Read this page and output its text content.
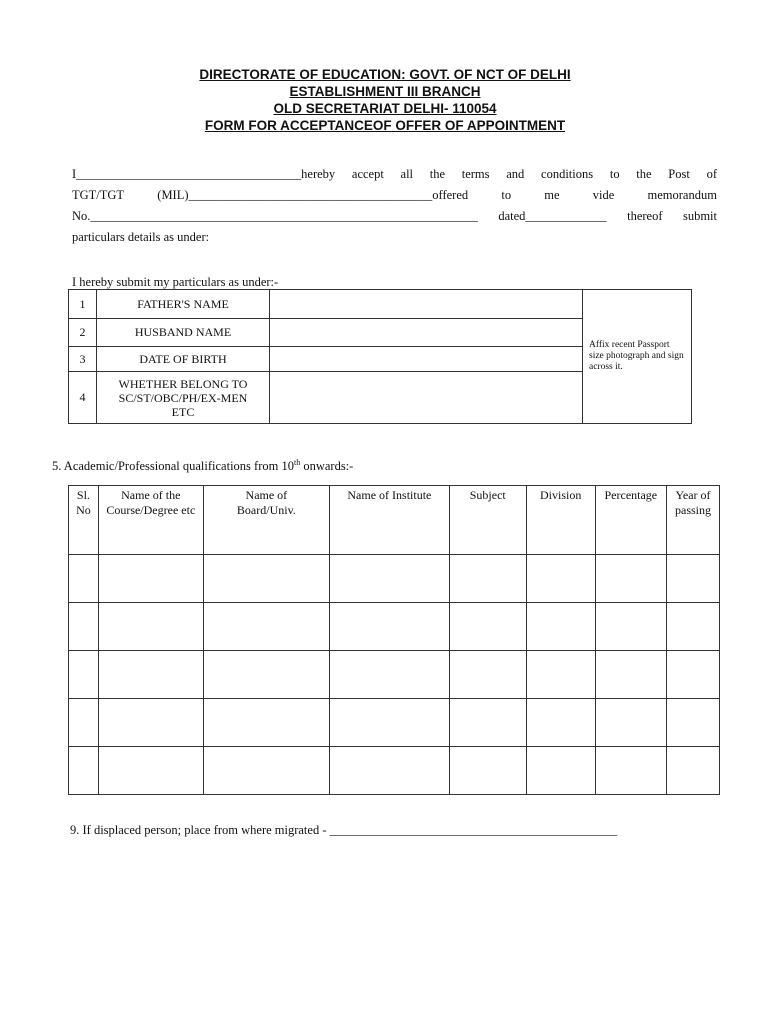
DIRECTORATE OF EDUCATION: GOVT. OF NCT OF DELHI
ESTABLISHMENT III BRANCH
OLD SECRETARIAT DELHI- 110054
FORM FOR ACCEPTANCEOF OFFER OF APPOINTMENT
I____________________________________hereby accept all the terms and conditions to the Post of
TGT/TGT	(MIL)_______________________________________offered	to	me	vide	memorandum
No.______________________________________________________________ dated_____________ thereof submit
particulars details as under:
I hereby submit my particulars as under:-
1	FATHER'S NAME		Affix recent Passport size photograph and sign across it.
2	HUSBAND NAME		
3	DATE OF BIRTH		
4	WHETHER BELONG TO SC/ST/OBC/PH/EX-MEN ETC		
5. Academic/Professional qualifications from 10th onwards:-
Sl. No	Name of the Course/Degree etc	Name of Board/Univ.	Name of Institute	Subject	Division	Percentage	Year of passing

9. If displaced person; place from where migrated - ______________________________________________
